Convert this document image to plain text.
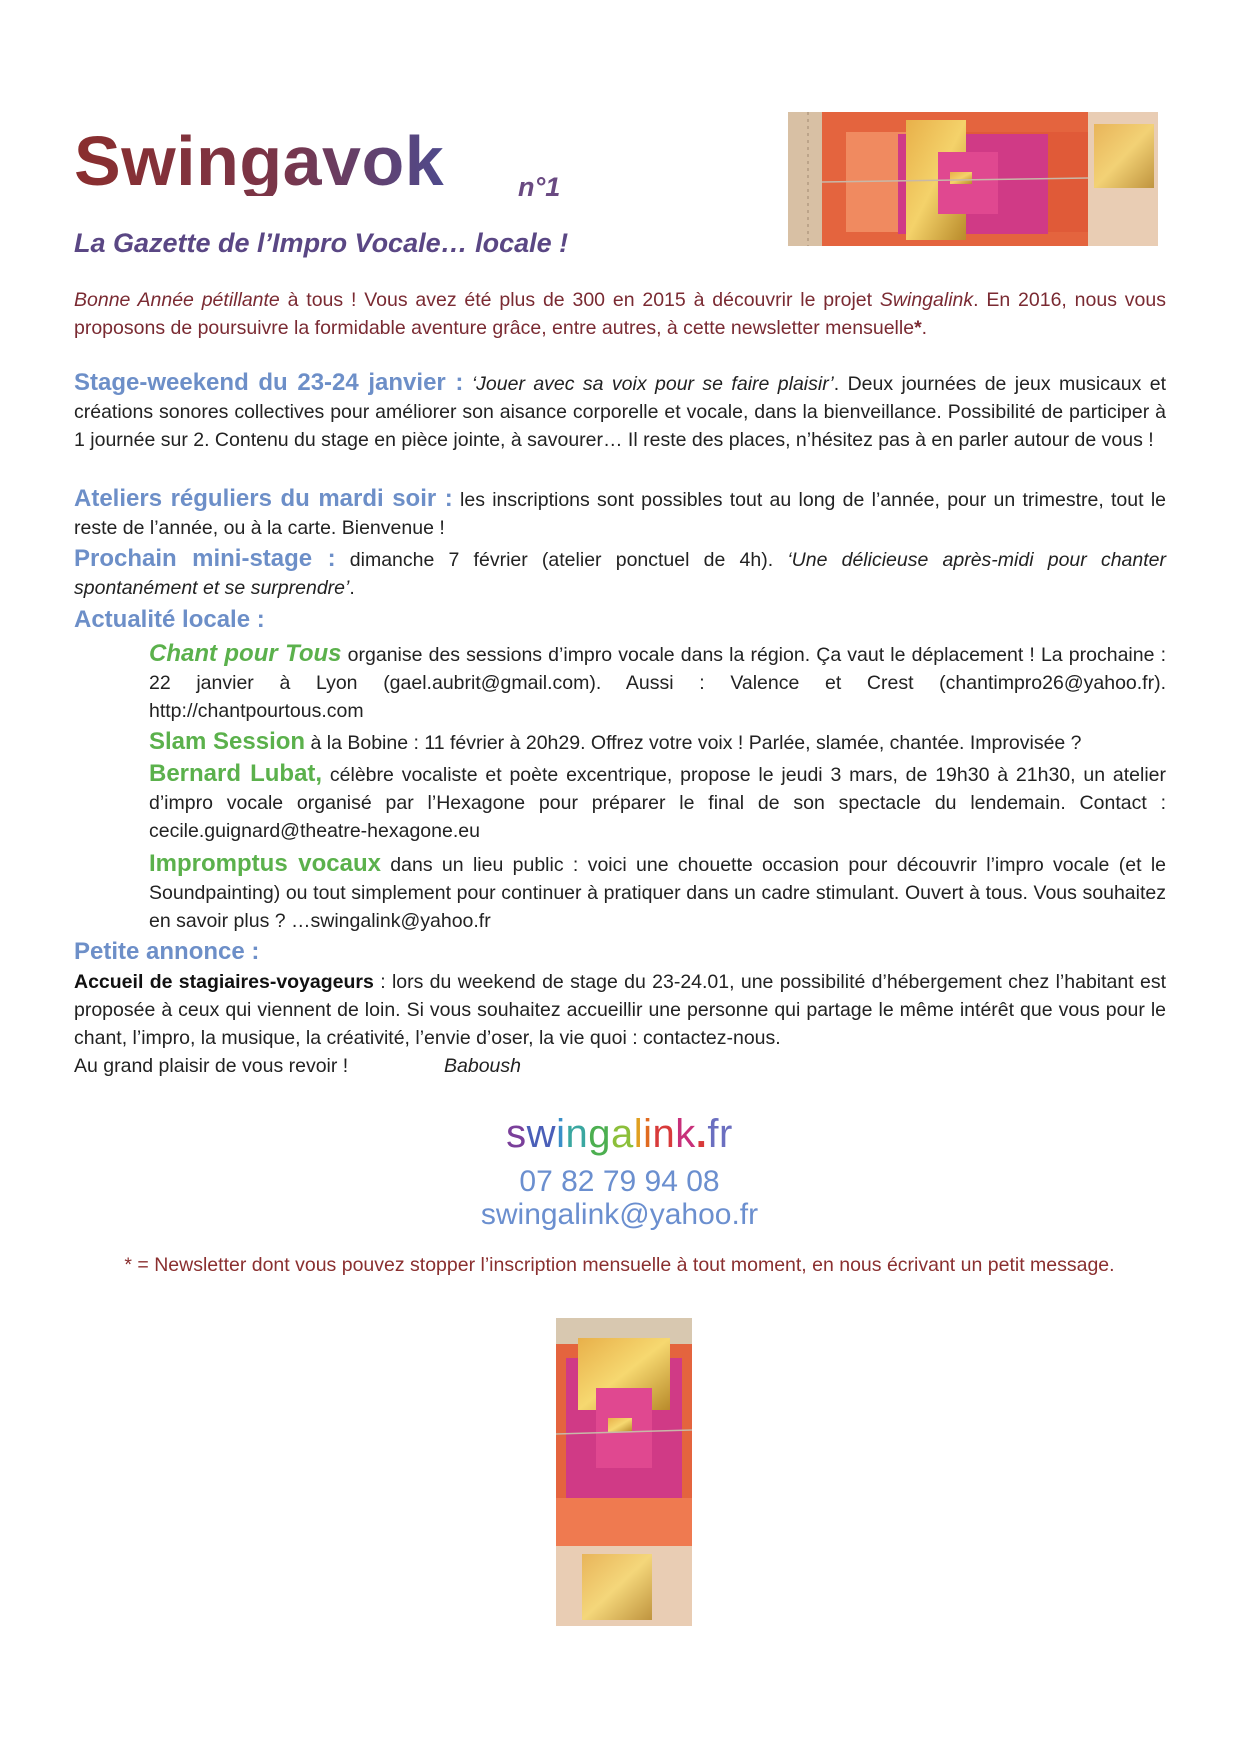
Swingavok	n°1
La Gazette de l’Impro Vocale… locale !
Bonne Année pétillante à tous ! Vous avez été plus de 300 en 2015 à découvrir le projet Swingalink. En 2016, nous vous proposons de poursuivre la formidable aventure grâce, entre autres, à cette newsletter mensuelle*.
Stage-weekend du 23-24 janvier : ‘Jouer avec sa voix pour se faire plaisir’. Deux journées de jeux musicaux et créations sonores collectives pour améliorer son aisance corporelle et vocale, dans la bienveillance. Possibilité de participer à 1 journée sur 2. Contenu du stage en pièce jointe, à savourer… Il reste des places, n’hésitez pas à en parler autour de vous !
Ateliers réguliers du mardi soir : les inscriptions sont possibles tout au long de l’année, pour un trimestre, tout le reste de l’année, ou à la carte. Bienvenue !
Prochain mini-stage : dimanche 7 février (atelier ponctuel de 4h). ‘Une délicieuse après-midi pour chanter spontanément et se surprendre’.
Actualité locale :
Chant pour Tous organise des sessions d’impro vocale dans la région. Ça vaut le déplacement ! La prochaine : 22 janvier à Lyon (gael.aubrit@gmail.com). Aussi : Valence et Crest (chantimpro26@yahoo.fr). http://chantpourtous.com
Slam Session à la Bobine : 11 février à 20h29. Offrez votre voix ! Parlée, slamée, chantée. Improvisée ?
Bernard Lubat, célèbre vocaliste et poète excentrique, propose le jeudi 3 mars, de 19h30 à 21h30, un atelier d’impro vocale organisé par l’Hexagone pour préparer le final de son spectacle du lendemain. Contact : cecile.guignard@theatre-hexagone.eu
Impromptus vocaux dans un lieu public : voici une chouette occasion pour découvrir l’impro vocale (et le Soundpainting) ou tout simplement pour continuer à pratiquer dans un cadre stimulant. Ouvert à tous. Vous souhaitez en savoir plus ? …swingalink@yahoo.fr
Petite annonce :
Accueil de stagiaires-voyageurs : lors du weekend de stage du 23-24.01, une possibilité d’hébergement chez l’habitant est proposée à ceux qui viennent de loin. Si vous souhaitez accueillir une personne qui partage le même intérêt que vous pour le chant, l’impro, la musique, la créativité, l’envie d’oser, la vie quoi : contactez-nous.
Au grand plaisir de vous revoir !	Baboush
swingalink.fr
07 82 79 94 08
swingalink@yahoo.fr
* = Newsletter dont vous pouvez stopper l’inscription mensuelle à tout moment, en nous écrivant un petit message.
